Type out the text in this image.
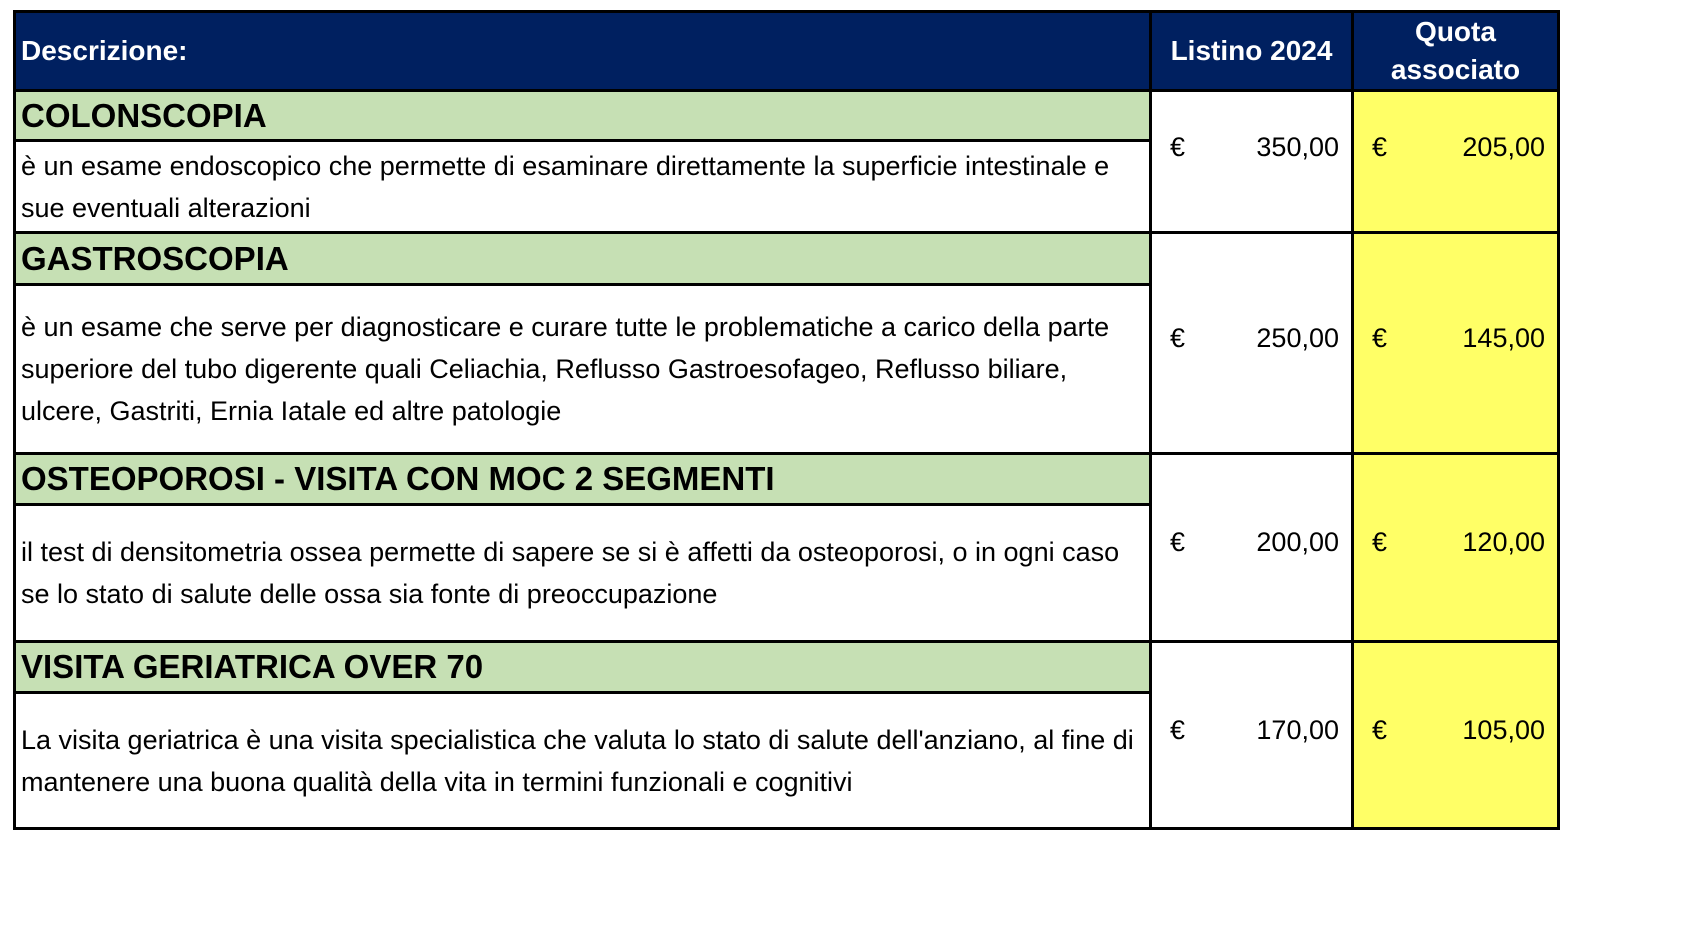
Descrizione:	Listino 2024	Quota
associato
COLONSCOPIA	€ 350,00	€ 205,00

è un esame endoscopico che permette di esaminare direttamente la superficie intestinale e sue eventuali alterazioni		
GASTROSCOPIA	€ 250,00	€ 145,00

è un esame che serve per diagnosticare e curare tutte le problematiche a carico della parte superiore del tubo digerente quali Celiachia, Reflusso Gastroesofageo, Reflusso biliare, ulcere, Gastriti, Ernia Iatale ed altre patologie		
OSTEOPOROSI - VISITA CON MOC 2 SEGMENTI	€ 200,00	€ 120,00

il test di densitometria ossea permette di sapere se si è affetti da osteoporosi, o in ogni caso se lo stato di salute delle ossa sia fonte di preoccupazione		
VISITA GERIATRICA OVER 70	€ 170,00	€ 105,00

La visita geriatrica è una visita specialistica che valuta lo stato di salute dell'anziano, al fine di mantenere una buona qualità della vita in termini funzionali e cognitivi		
